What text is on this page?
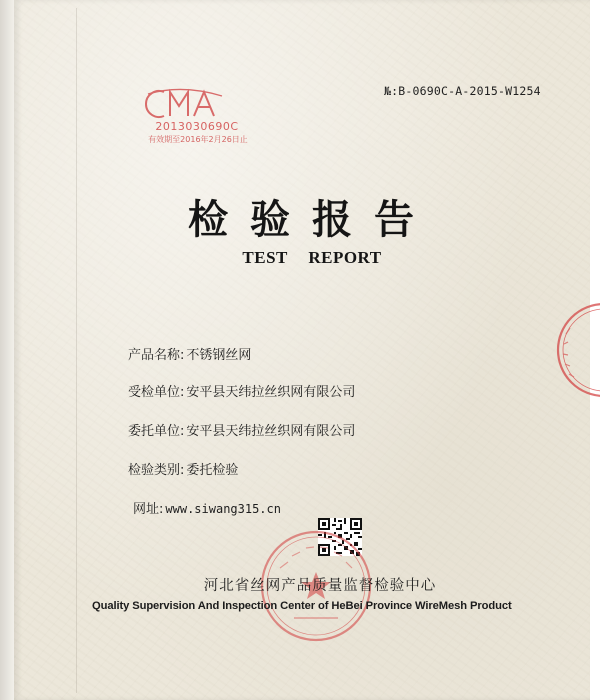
2013030690C
有效期至2016年2月26日止
№:B-0690C-A-2015-W1254
检验报告
TEST REPORT
产品名称: 不锈钢丝网
受检单位: 安平县天纬拉丝织网有限公司
委托单位: 安平县天纬拉丝织网有限公司
检验类别: 委托检验
网址: www.siwang315.cn
河北省丝网产品质量监督检验中心
Quality Supervision And Inspection Center of HeBei Province WireMesh Product
